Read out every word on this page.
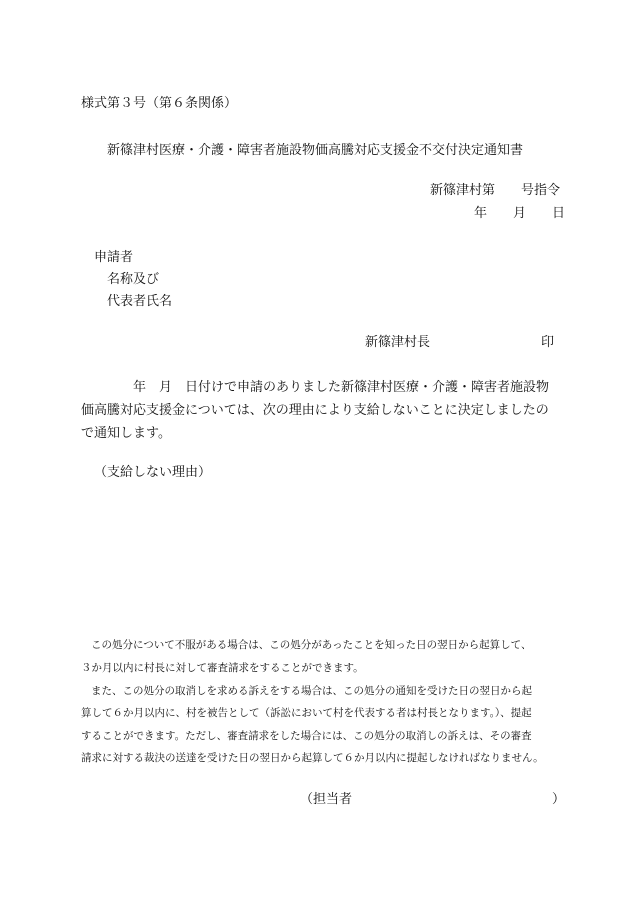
様式第３号（第６条関係）
新篠津村医療・介護・障害者施設物価高騰対応支援金不交付決定通知書
新篠津村第　　号指令
年　　月　　日
申請者
名称及び
代表者氏名
新篠津村長	印
年　月　日付けで申請のありました新篠津村医療・介護・障害者施設物
価高騰対応支援金については、次の理由により支給しないことに決定しましたの
で通知します。
（支給しない理由）
この処分について不服がある場合は、この処分があったことを知った日の翌日から起算して、
３か月以内に村長に対して審査請求をすることができます。
また、この処分の取消しを求める訴えをする場合は、この処分の通知を受けた日の翌日から起
算して６か月以内に、村を被告として（訴訟において村を代表する者は村長となります。）、提起
することができます。ただし、審査請求をした場合には、この処分の取消しの訴えは、その審査
請求に対する裁決の送達を受けた日の翌日から起算して６か月以内に提起しなければなりません。
（担当者	）
